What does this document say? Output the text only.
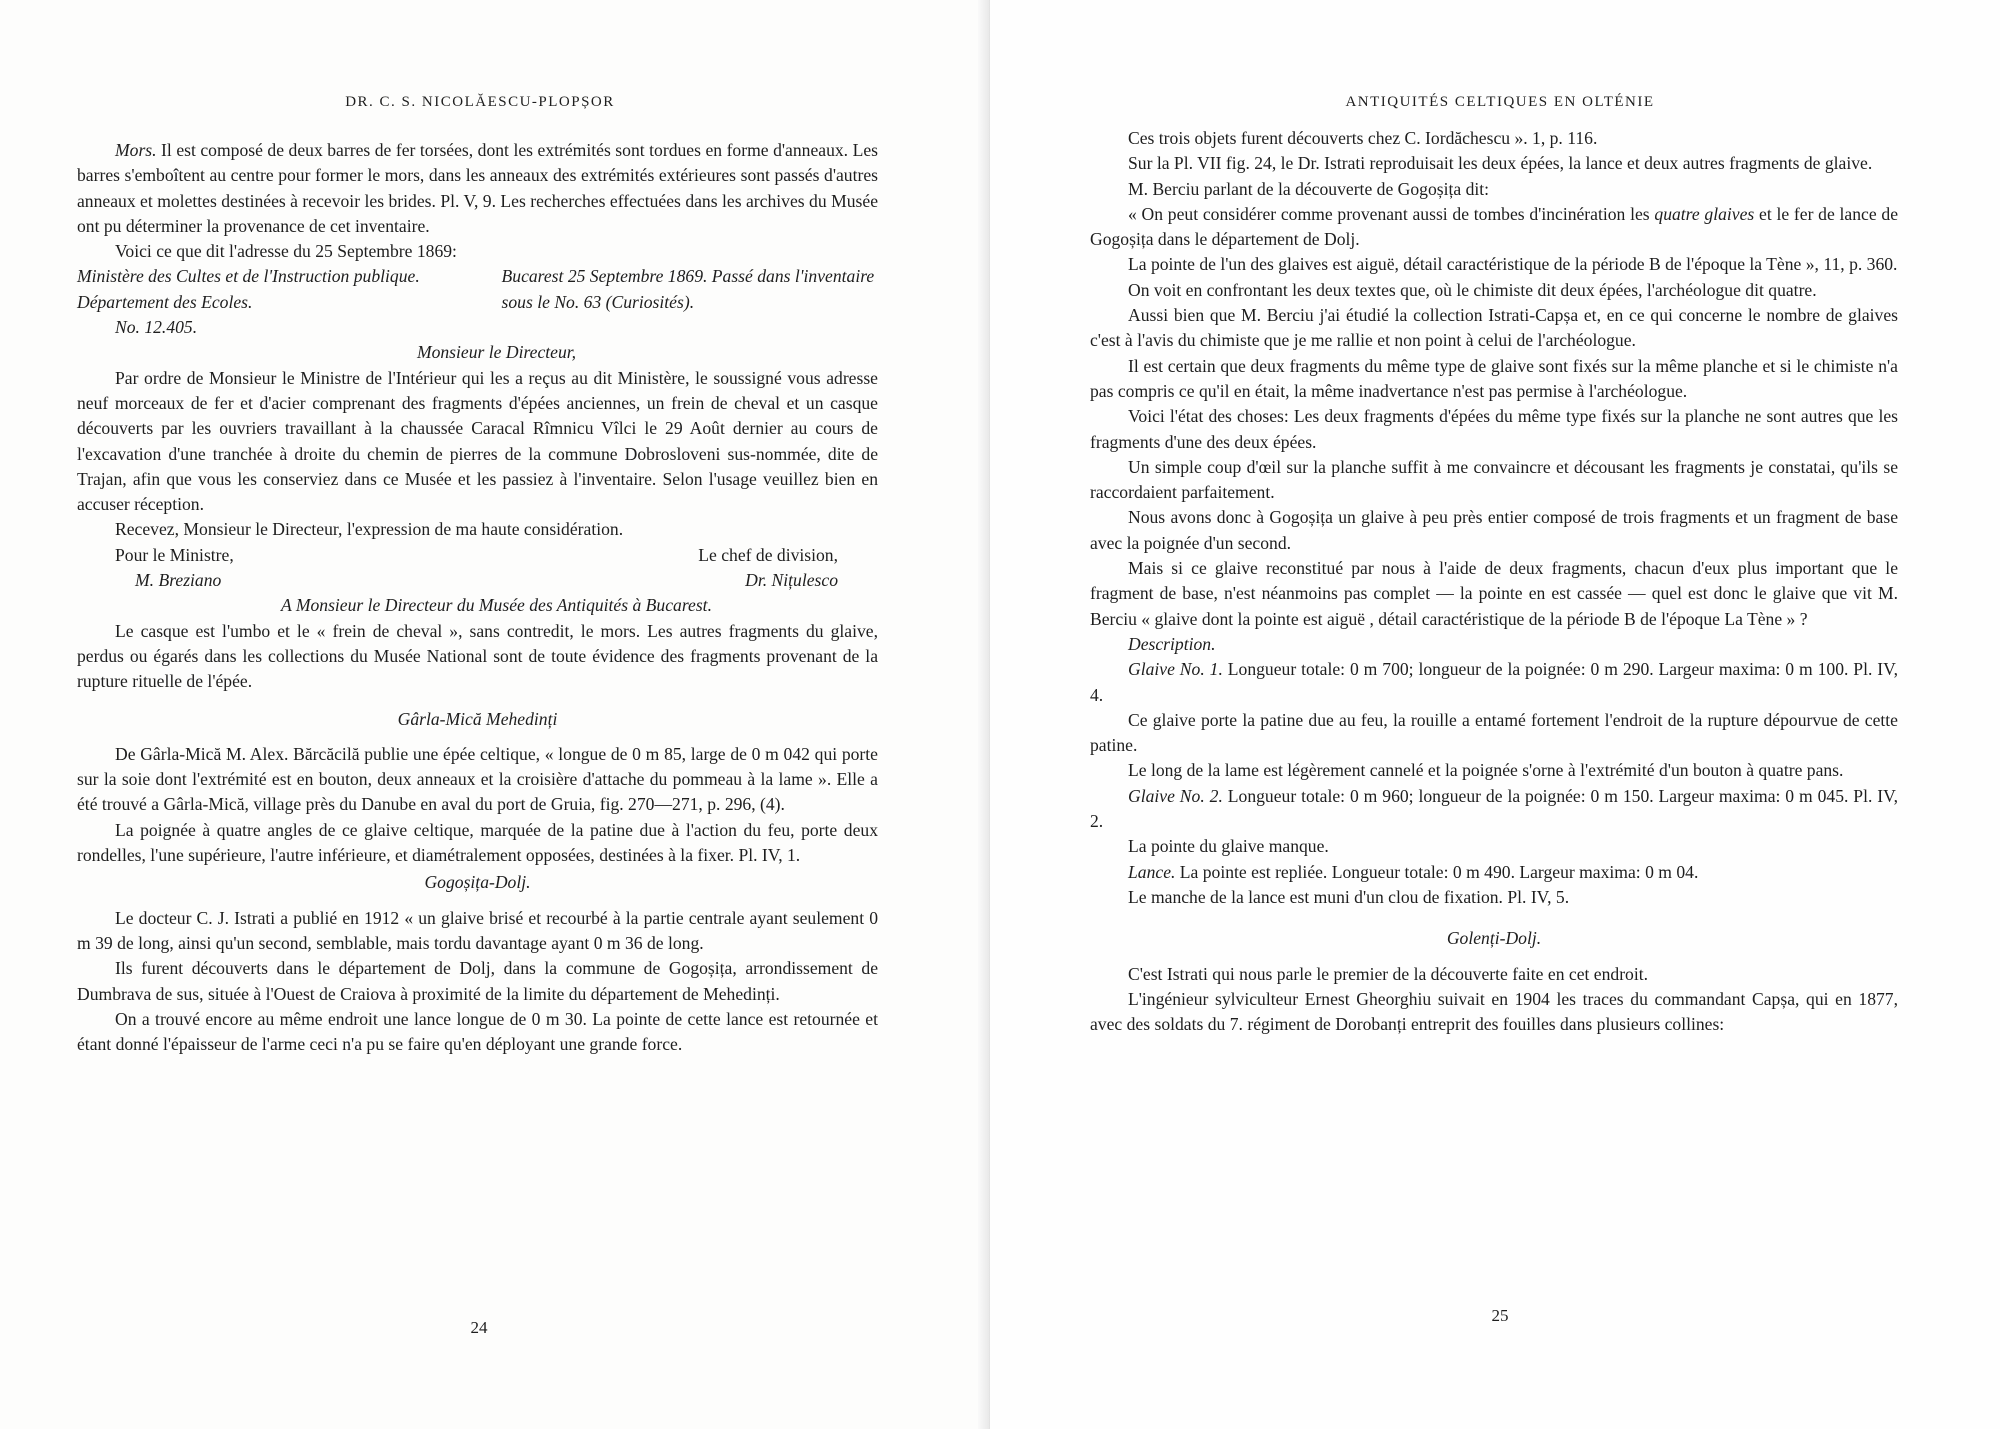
DR. C. S. NICOLĂESCU-PLOPȘOR

Mors. Il est composé de deux barres de fer torsées, dont les extrémités sont tordues en forme d'anneaux. Les barres s'emboîtent au centre pour former le mors, dans les anneaux des extrémités extérieures sont passés d'autres anneaux et molettes destinées à recevoir les brides. Pl. V, 9. Les recherches effectuées dans les archives du Musée ont pu déterminer la provenance de cet inventaire.

Voici ce que dit l'adresse du 25 Septembre 1869:

Ministère des Cultes et de l'Instruction publique. Département des Ecoles.

No. 12.405.

Bucarest 25 Septembre 1869. Passé dans l'inventaire sous le No. 63 (Curiosités).

Monsieur le Directeur,

Par ordre de Monsieur le Ministre de l'Intérieur qui les a reçus au dit Ministère, le soussigné vous adresse neuf morceaux de fer et d'acier comprenant des fragments d'épées anciennes, un frein de cheval et un casque découverts par les ouvriers travaillant à la chaussée Caracal Rîmnicu Vîlci le 29 Août dernier au cours de l'excavation d'une tranchée à droite du chemin de pierres de la commune Dobrosloveni sus-nommée, dite de Trajan, afin que vous les conserviez dans ce Musée et les passiez à l'inventaire. Selon l'usage veuillez bien en accuser réception.

Recevez, Monsieur le Directeur, l'expression de ma haute considération.

Pour le Ministre,
M. Breziano
Le chef de division,
Dr. Nițulesco

A Monsieur le Directeur du Musée des Antiquités à Bucarest.

Le casque est l'umbo et le « frein de cheval », sans contredit, le mors. Les autres fragments du glaive, perdus ou égarés dans les collections du Musée National sont de toute évidence des fragments provenant de la rupture rituelle de l'épée.

Gârla-Mică Mehedinți

De Gârla-Mică M. Alex. Bărcăcilă publie une épée celtique, « longue de 0 m 85, large de 0 m 042 qui porte sur la soie dont l'extrémité est en bouton, deux anneaux et la croisière d'attache du pommeau à la lame ». Elle a été trouvé a Gârla-Mică, village près du Danube en aval du port de Gruia, fig. 270—271, p. 296, (4).

La poignée à quatre angles de ce glaive celtique, marquée de la patine due à l'action du feu, porte deux rondelles, l'une supérieure, l'autre inférieure, et diamétralement opposées, destinées à la fixer. Pl. IV, 1.

Gogoșița-Dolj.

Le docteur C. J. Istrati a publié en 1912 « un glaive brisé et recourbé à la partie centrale ayant seulement 0 m 39 de long, ainsi qu'un second, semblable, mais tordu davantage ayant 0 m 36 de long.

Ils furent découverts dans le département de Dolj, dans la commune de Gogoșița, arrondissement de Dumbrava de sus, située à l'Ouest de Craiova à proximité de la limite du département de Mehedinți.

On a trouvé encore au même endroit une lance longue de 0 m 30. La pointe de cette lance est retournée et étant donné l'épaisseur de l'arme ceci n'a pu se faire qu'en déployant une grande force.

24
ANTIQUITÉS CELTIQUES EN OLTÉNIE

Ces trois objets furent découverts chez C. Iordăchescu ». 1, p. 116.

Sur la Pl. VII fig. 24, le Dr. Istrati reproduisait les deux épées, la lance et deux autres fragments de glaive.

M. Berciu parlant de la découverte de Gogoșița dit:

« On peut considérer comme provenant aussi de tombes d'incinération les quatre glaives et le fer de lance de Gogoșița dans le département de Dolj.

La pointe de l'un des glaives est aiguë, détail caractéristique de la période B de l'époque la Tène », 11, p. 360.

On voit en confrontant les deux textes que, où le chimiste dit deux épées, l'archéologue dit quatre.

Aussi bien que M. Berciu j'ai étudié la collection Istrati-Capșa et, en ce qui concerne le nombre de glaives c'est à l'avis du chimiste que je me rallie et non point à celui de l'archéologue.

Il est certain que deux fragments du même type de glaive sont fixés sur la même planche et si le chimiste n'a pas compris ce qu'il en était, la même inadvertance n'est pas permise à l'archéologue.

Voici l'état des choses: Les deux fragments d'épées du même type fixés sur la planche ne sont autres que les fragments d'une des deux épées.

Un simple coup d'œil sur la planche suffit à me convaincre et décousant les fragments je constatai, qu'ils se raccordaient parfaitement.

Nous avons donc à Gogoșița un glaive à peu près entier composé de trois fragments et un fragment de base avec la poignée d'un second.

Mais si ce glaive reconstitué par nous à l'aide de deux fragments, chacun d'eux plus important que le fragment de base, n'est néanmoins pas complet — la pointe en est cassée — quel est donc le glaive que vit M. Berciu « glaive dont la pointe est aiguë , détail caractéristique de la période B de l'époque La Tène » ?

Description.

Glaive No. 1. Longueur totale: 0 m 700; longueur de la poignée: 0 m 290. Largeur maxima: 0 m 100. Pl. IV, 4.

Ce glaive porte la patine due au feu, la rouille a entamé fortement l'endroit de la rupture dépourvue de cette patine.

Le long de la lame est légèrement cannelé et la poignée s'orne à l'extrémité d'un bouton à quatre pans.

Glaive No. 2. Longueur totale: 0 m 960; longueur de la poignée: 0 m 150. Largeur maxima: 0 m 045. Pl. IV, 2.

La pointe du glaive manque.

Lance. La pointe est repliée. Longueur totale: 0 m 490. Largeur maxima: 0 m 04.

Le manche de la lance est muni d'un clou de fixation. Pl. IV, 5.

Golenți-Dolj.

C'est Istrati qui nous parle le premier de la découverte faite en cet endroit.

L'ingénieur sylviculteur Ernest Gheorghiu suivait en 1904 les traces du commandant Capșa, qui en 1877, avec des soldats du 7. régiment de Dorobanți entreprit des fouilles dans plusieurs collines:

25
